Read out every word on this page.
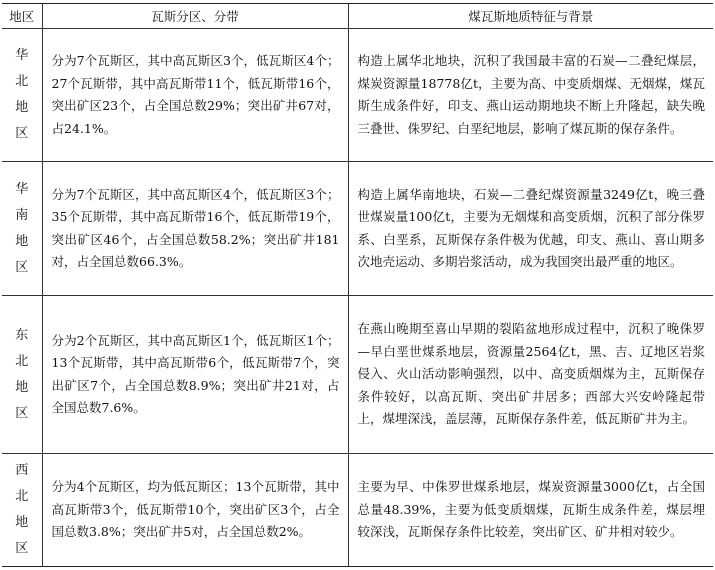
地区	瓦斯分区、分带	煤瓦斯地质特征与背景

华北地区	分为7个瓦斯区，其中高瓦斯区3个，低瓦斯区4个；27个瓦斯带，其中高瓦斯带11个，低瓦斯带16个，突出矿区23个，占全国总数29%；突出矿井67对，占24.1%。	构造上属华北地块，沉积了我国最丰富的石炭—二叠纪煤层，煤炭资源量18778亿t，主要为高、中变质烟煤、无烟煤，煤瓦斯生成条件好，印支、燕山运动期地块不断上升隆起，缺失晚三叠世、侏罗纪、白垩纪地层，影响了煤瓦斯的保存条件。

华南地区	分为7个瓦斯区，其中高瓦斯区4个，低瓦斯区3个；35个瓦斯带，其中高瓦斯带16个，低瓦斯带19个，突出矿区46个，占全国总数58.2%；突出矿井181对，占全国总数66.3%。	构造上属华南地块，石炭—二叠纪煤资源量3249亿t，晚三叠世煤炭量100亿t，主要为无烟煤和高变质烟，沉积了部分侏罗系、白垩系，瓦斯保存条件极为优越，印支、燕山、喜山期多次地壳运动、多期岩浆活动，成为我国突出最严重的地区。

东北地区	分为2个瓦斯区，其中高瓦斯区1个，低瓦斯区1个；13个瓦斯带，其中高瓦斯带6个，低瓦斯带7个，突出矿区7个，占全国总数8.9%；突出矿井21对，占全国总数7.6%。	在燕山晚期至喜山早期的裂陷盆地形成过程中，沉积了晚侏罗—早白垩世煤系地层，资源量2564亿t，黑、吉、辽地区岩浆侵入、火山活动影响强烈，以中、高变质烟煤为主，瓦斯保存条件较好，以高瓦斯、突出矿井居多；西部大兴安岭隆起带上，煤埋深浅，盖层薄，瓦斯保存条件差，低瓦斯矿井为主。

西北地区	分为4个瓦斯区，均为低瓦斯区；13个瓦斯带，其中高瓦斯带3个，低瓦斯带10个，突出矿区3个，占全国总数3.8%；突出矿井5对，占全国总数2%。	主要为早、中侏罗世煤系地层，煤炭资源量3000亿t，占全国总量48.39%，主要为低变质烟煤，瓦斯生成条件差，煤层埋较深浅，瓦斯保存条件比较差，突出矿区、矿井相对较少。
